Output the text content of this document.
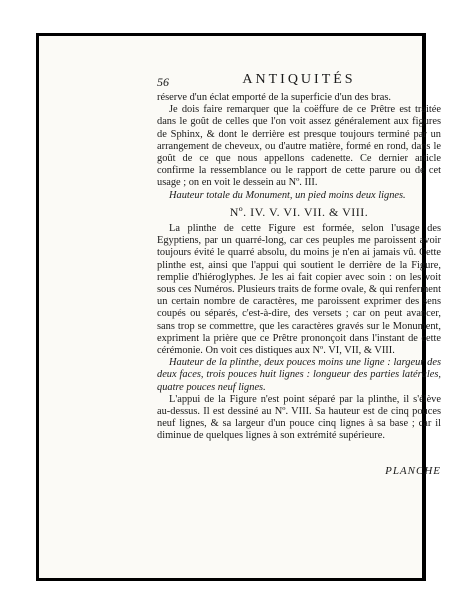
56	ANTIQUITÉS

réserve d'un éclat emporté de la superficie d'un des bras.

Je dois faire remarquer que la coëffure de ce Prêtre est traitée dans le goût de celles que l'on voit assez généralement aux figures de Sphinx, & dont le derrière est presque toujours terminé par un arrangement de cheveux, ou d'autre matière, formé en rond, dans le goût de ce que nous appellons cadenette. Ce dernier article confirme la ressemblance ou le rapport de cette parure ou de cet usage ; on en voit le dessein au Nº. III.

Hauteur totale du Monument, un pied moins deux lignes.

Nº. IV. V. VI. VII. & VIII.

La plinthe de cette Figure est formée, selon l'usage des Egyptiens, par un quarré-long, car ces peuples me paroissent avoir toujours évité le quarré absolu, du moins je n'en ai jamais vû. Cette plinthe est, ainsi que l'appui qui soutient le derrière de la Figure, remplie d'hiéroglyphes. Je les ai fait copier avec soin : on les voit sous ces Numéros. Plusieurs traits de forme ovale, & qui renferment un certain nombre de caractères, me paroissent exprimer des sens coupés ou séparés, c'est-à-dire, des versets ; car on peut avancer, sans trop se commettre, que les caractères gravés sur le Monument, expriment la prière que ce Prêtre prononçoit dans l'instant de cette cérémonie. On voit ces distiques aux Nº. VI, VII, & VIII.

Hauteur de la plinthe, deux pouces moins une ligne : largeur des deux faces, trois pouces huit lignes : longueur des parties latérales, quatre pouces neuf lignes.

L'appui de la Figure n'est point séparé par la plinthe, il s'élève au-dessus. Il est dessiné au Nº. VIII. Sa hauteur est de cinq pouces neuf lignes, & sa largeur d'un pouce cinq lignes à sa base ; car il diminue de quelques lignes à son extrémité supérieure.

PLANCHE
